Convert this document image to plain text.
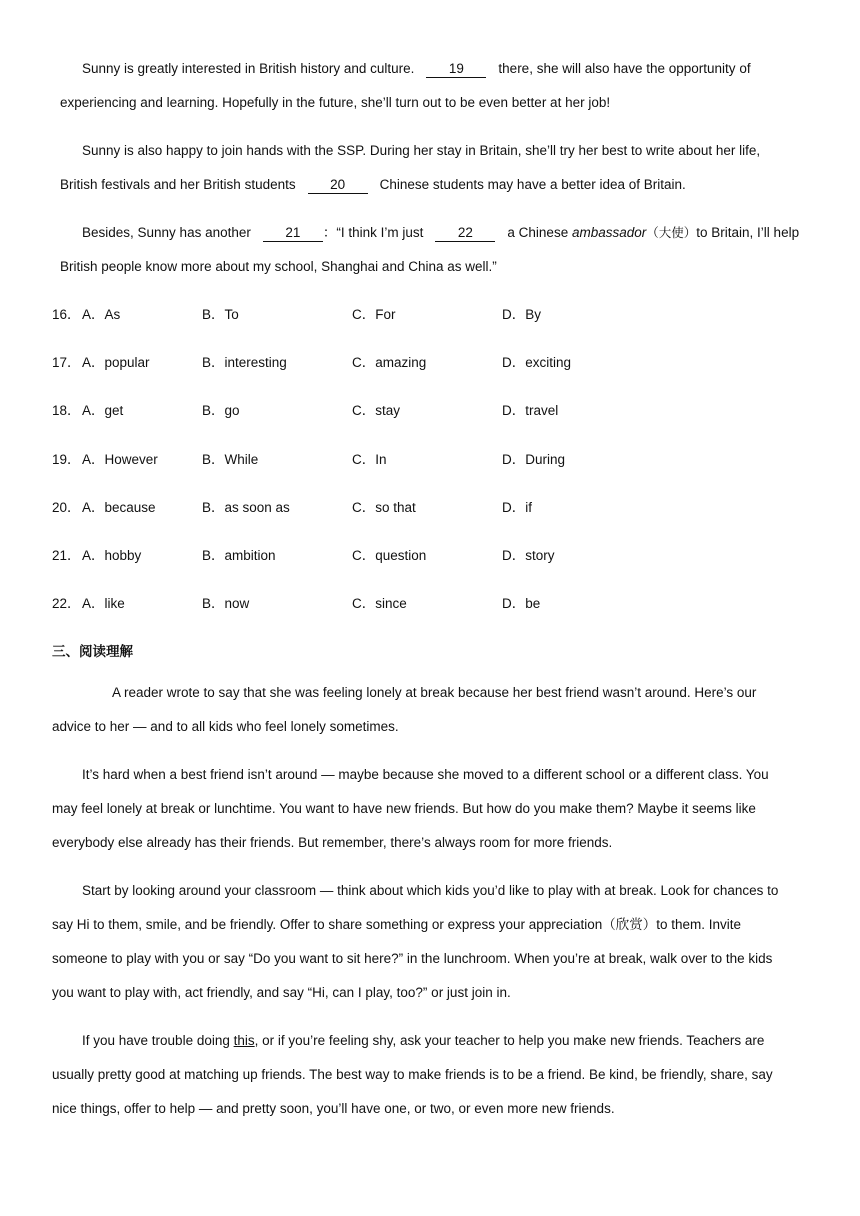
Sunny is greatly interested in British history and culture.	19	there, she will also have the opportunity of
experiencing and learning. Hopefully in the future, she’ll turn out to be even better at her job!

Sunny is also happy to join hands with the SSP. During her stay in Britain, she’ll try her best to write about her life,
British festivals and her British students	20	Chinese students may have a better idea of Britain.

Besides, Sunny has another	21 ：“I think I’m just	22	a Chinese ambassador（大使）to Britain, I’ll help
British people know more about my school, Shanghai and China as well.”

16． A．As	B．To	C．For	D．By
17． A．popular	B．interesting	C．amazing	D．exciting
18． A．get	B．go	C．stay	D．travel
19． A．However	B．While	C．In	D．During
20． A．because	B．as soon as	C．so that	D．if
21． A．hobby	B．ambition	C．question	D．story
22． A．like	B．now	C．since	D．be
三、阅读理解

A reader wrote to say that she was feeling lonely at break because her best friend wasn’t around. Here’s our
advice to her — and to all kids who feel lonely sometimes.

It’s hard when a best friend isn’t around — maybe because she moved to a different school or a different class. You
may feel lonely at break or lunchtime. You want to have new friends. But how do you make them? Maybe it seems like
everybody else already has their friends. But remember, there’s always room for more friends.

Start by looking around your classroom — think about which kids you’d like to play with at break. Look for chances to
say Hi to them, smile, and be friendly. Offer to share something or express your appreciation（欣赏）to them. Invite
someone to play with you or say “Do you want to sit here?” in the lunchroom. When you’re at break, walk over to the kids
you want to play with, act friendly, and say “Hi, can I play, too?” or just join in.

If you have trouble doing this, or if you’re feeling shy, ask your teacher to help you make new friends. Teachers are
usually pretty good at matching up friends. The best way to make friends is to be a friend. Be kind, be friendly, share, say
nice things, offer to help — and pretty soon, you’ll have one, or two, or even more new friends.
